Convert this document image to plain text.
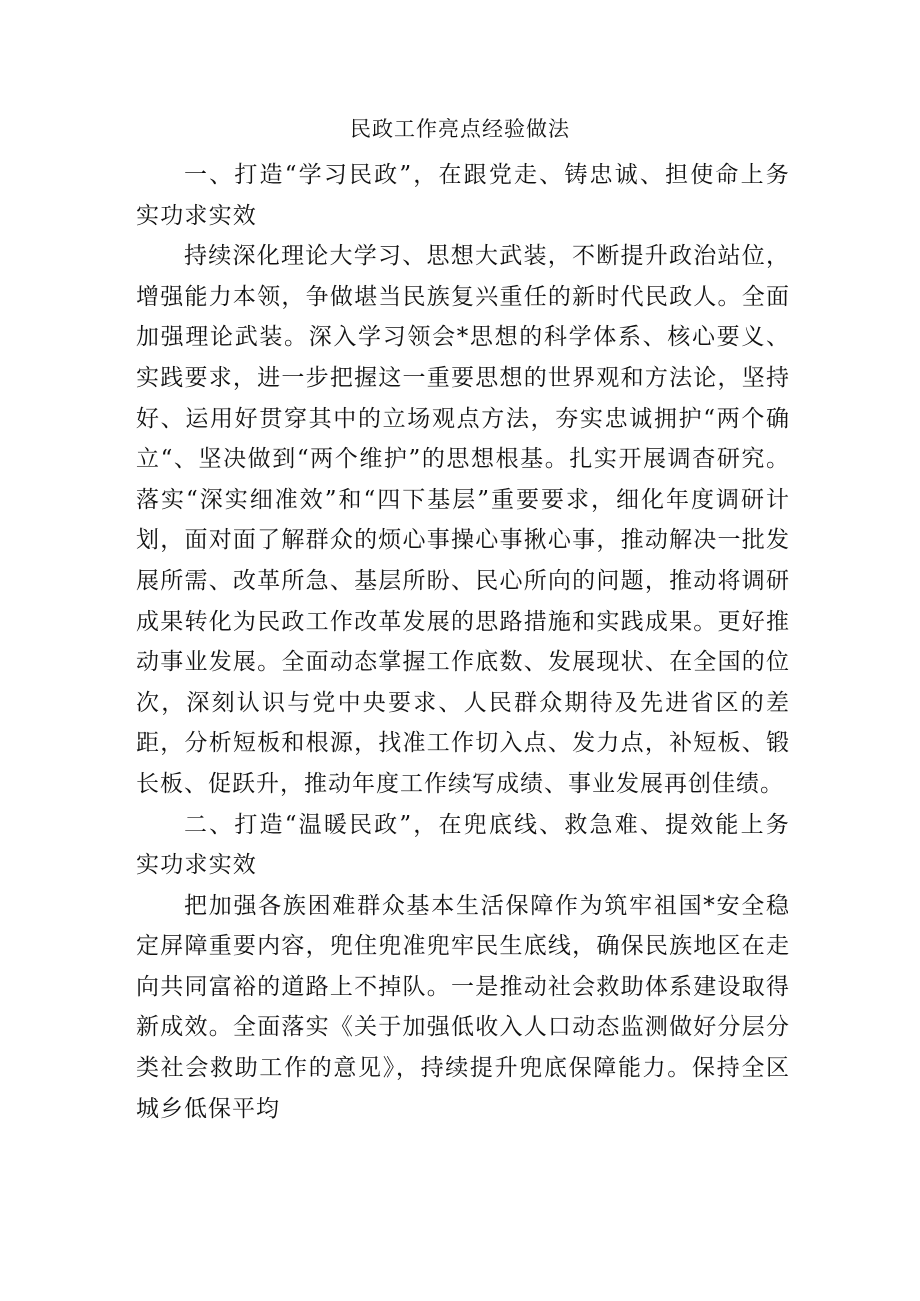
民政工作亮点经验做法

一、打造“学习民政”，在跟党走、铸忠诚、担使命上务实功求实效

持续深化理论大学习、思想大武装，不断提升政治站位，增强能力本领，争做堪当民族复兴重任的新时代民政人。全面加强理论武装。深入学习领会*思想的科学体系、核心要义、实践要求，进一步把握这一重要思想的世界观和方法论，坚持好、运用好贯穿其中的立场观点方法，夯实忠诚拥护“两个确立“、坚决做到“两个维护”的思想根基。扎实开展调杳研究。落实“深实细准效”和“四下基层”重要要求，细化年度调研计划，面对面了解群众的烦心事操心事揪心事，推动解决一批发展所需、改革所急、基层所盼、民心所向的问题，推动将调研成果转化为民政工作改革发展的思路措施和实践成果。更好推动事业发展。全面动态掌握工作底数、发展现状、在全国的位次，深刻认识与党中央要求、人民群众期待及先进省区的差距，分析短板和根源，找准工作切入点、发力点，补短板、锻长板、促跃升，推动年度工作续写成绩、事业发展再创佳绩。

二、打造“温暖民政”，在兜底线、救急难、提效能上务实功求实效

把加强各族困难群众基本生活保障作为筑牢祖国*安全稳定屏障重要内容，兜住兜准兜牢民生底线，确保民族地区在走向共同富裕的道路上不掉队。一是推动社会救助体系建设取得新成效。全面落实《关于加强低收入人口动态监测做好分层分类社会救助工作的意见》，持续提升兜底保障能力。保持全区城乡低保平均
